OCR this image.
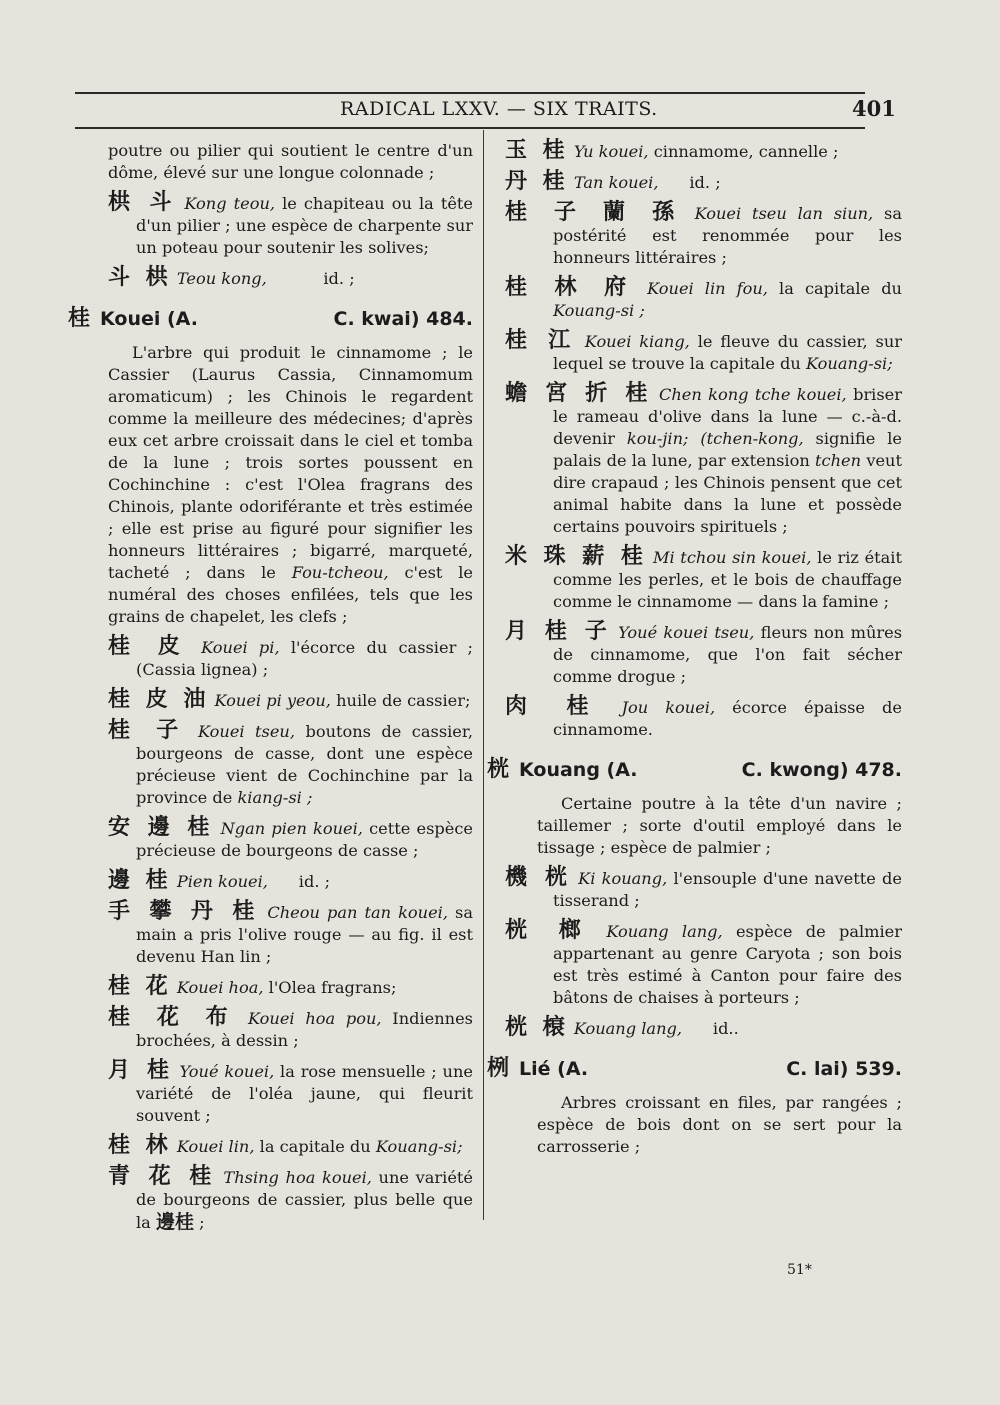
RADICAL LXXV. — SIX TRAITS.	401

poutre ou pilier qui soutient le centre d'un dôme, élevé sur une longue colonnade ;

栱 斗 Kong teou, le chapiteau ou la tête d'un pilier ; une espèce de charpente sur un poteau pour soutenir les solives;

斗 栱 Teou kong,           id. ;

桂 Kouei (A.	C. kwai) 484.

L'arbre qui produit le cinnamome ; le Cassier (Laurus Cassia, Cinnamomum aromaticum) ; les Chinois le regardent comme la meilleure des médecines; d'après eux cet arbre croissait dans le ciel et tomba de la lune ; trois sortes poussent en Cochinchine : c'est l'Olea fragrans des Chinois, plante odoriférante et très estimée ; elle est prise au figuré pour signifier les honneurs littéraires ; bigarré, marqueté, tacheté ; dans le Fou-tcheou, c'est le numéral des choses enfilées, tels que les grains de chapelet, les clefs ;

桂 皮 Kouei pi, l'écorce du cassier ; (Cassia lignea) ;

桂 皮 油 Kouei pi yeou, huile de cassier;

桂 子 Kouei tseu, boutons de cassier, bourgeons de casse, dont une espèce précieuse vient de Cochinchine par la province de kiang-si ;

安 邊 桂 Ngan pien kouei, cette espèce précieuse de bourgeons de casse ;

邊 桂 Pien kouei,      id. ;

手 攀 丹 桂 Cheou pan tan kouei, sa main a pris l'olive rouge — au fig. il est devenu Han lin ;

桂 花 Kouei hoa, l'Olea fragrans;

桂 花 布 Kouei hoa pou, Indiennes brochées, à dessin ;

月 桂 Youé kouei, la rose mensuelle ; une variété de l'oléa jaune, qui fleurit souvent ;

桂 林 Kouei lin, la capitale du Kouang-si;

青 花 桂 Thsing hoa kouei, une variété de bourgeons de cassier, plus belle que la 邊桂 ;

玉 桂 Yu kouei, cinnamome, cannelle ;

丹 桂 Tan kouei,      id. ;

桂 子 蘭 孫 Kouei tseu lan siun, sa postérité est renommée pour les honneurs littéraires ;

桂 林 府 Kouei lin fou, la capitale du Kouang-si ;

桂 江 Kouei kiang, le fleuve du cassier, sur lequel se trouve la capitale du Kouang-si;

蟾 宮 折 桂 Chen kong tche kouei, briser le rameau d'olive dans la lune — c.-à-d. devenir kou-jin; (tchen-kong, signifie le palais de la lune, par extension tchen veut dire crapaud ; les Chinois pensent que cet animal habite dans la lune et possède certains pouvoirs spirituels ;

米 珠 薪 桂 Mi tchou sin kouei, le riz était comme les perles, et le bois de chauffage comme le cinnamome — dans la famine ;

月 桂 子 Youé kouei tseu, fleurs non mûres de cinnamome, que l'on fait sécher comme drogue ;

肉 桂 Jou kouei, écorce épaisse de cinnamome.

桄 Kouang (A.	C. kwong) 478.

Certaine poutre à la tête d'un navire ; taillemer ; sorte d'outil employé dans le tissage ; espèce de palmier ;

機 桄 Ki kouang, l'ensouple d'une navette de tisserand ;

桄 榔 Kouang lang, espèce de palmier appartenant au genre Caryota ; son bois est très estimé à Canton pour faire des bâtons de chaises à porteurs ;

桄 榱 Kouang lang,      id..

栵 Lié (A.	C. lai) 539.

Arbres croissant en files, par rangées ; espèce de bois dont on se sert pour la carrosserie ;

51*
